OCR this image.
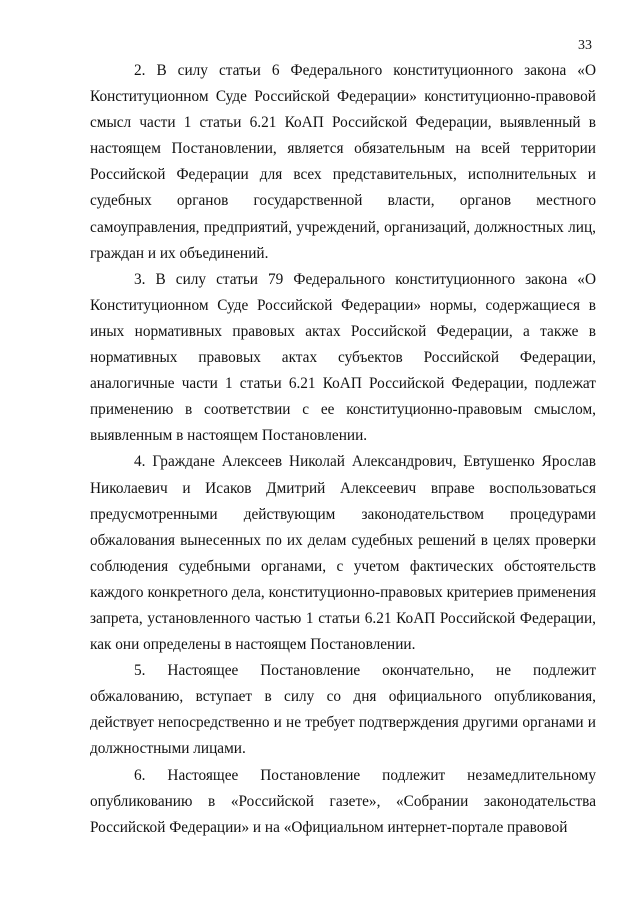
33

2. В силу статьи 6 Федерального конституционного закона «О Конституционном Суде Российской Федерации» конституционно-правовой смысл части 1 статьи 6.21 КоАП Российской Федерации, выявленный в настоящем Постановлении, является обязательным на всей территории Российской Федерации для всех представительных, исполнительных и судебных органов государственной власти, органов местного самоуправления, предприятий, учреждений, организаций, должностных лиц, граждан и их объединений.

3. В силу статьи 79 Федерального конституционного закона «О Конституционном Суде Российской Федерации» нормы, содержащиеся в иных нормативных правовых актах Российской Федерации, а также в нормативных правовых актах субъектов Российской Федерации, аналогичные части 1 статьи 6.21 КоАП Российской Федерации, подлежат применению в соответствии с ее конституционно-правовым смыслом, выявленным в настоящем Постановлении.

4. Граждане Алексеев Николай Александрович, Евтушенко Ярослав Николаевич и Исаков Дмитрий Алексеевич вправе воспользоваться предусмотренными действующим законодательством процедурами обжалования вынесенных по их делам судебных решений в целях проверки соблюдения судебными органами, с учетом фактических обстоятельств каждого конкретного дела, конституционно-правовых критериев применения запрета, установленного частью 1 статьи 6.21 КоАП Российской Федерации, как они определены в настоящем Постановлении.

5. Настоящее Постановление окончательно, не подлежит обжалованию, вступает в силу со дня официального опубликования, действует непосредственно и не требует подтверждения другими органами и должностными лицами.

6. Настоящее Постановление подлежит незамедлительному опубликованию в «Российской газете», «Собрании законодательства Российской Федерации» и на «Официальном интернет-портале правовой
